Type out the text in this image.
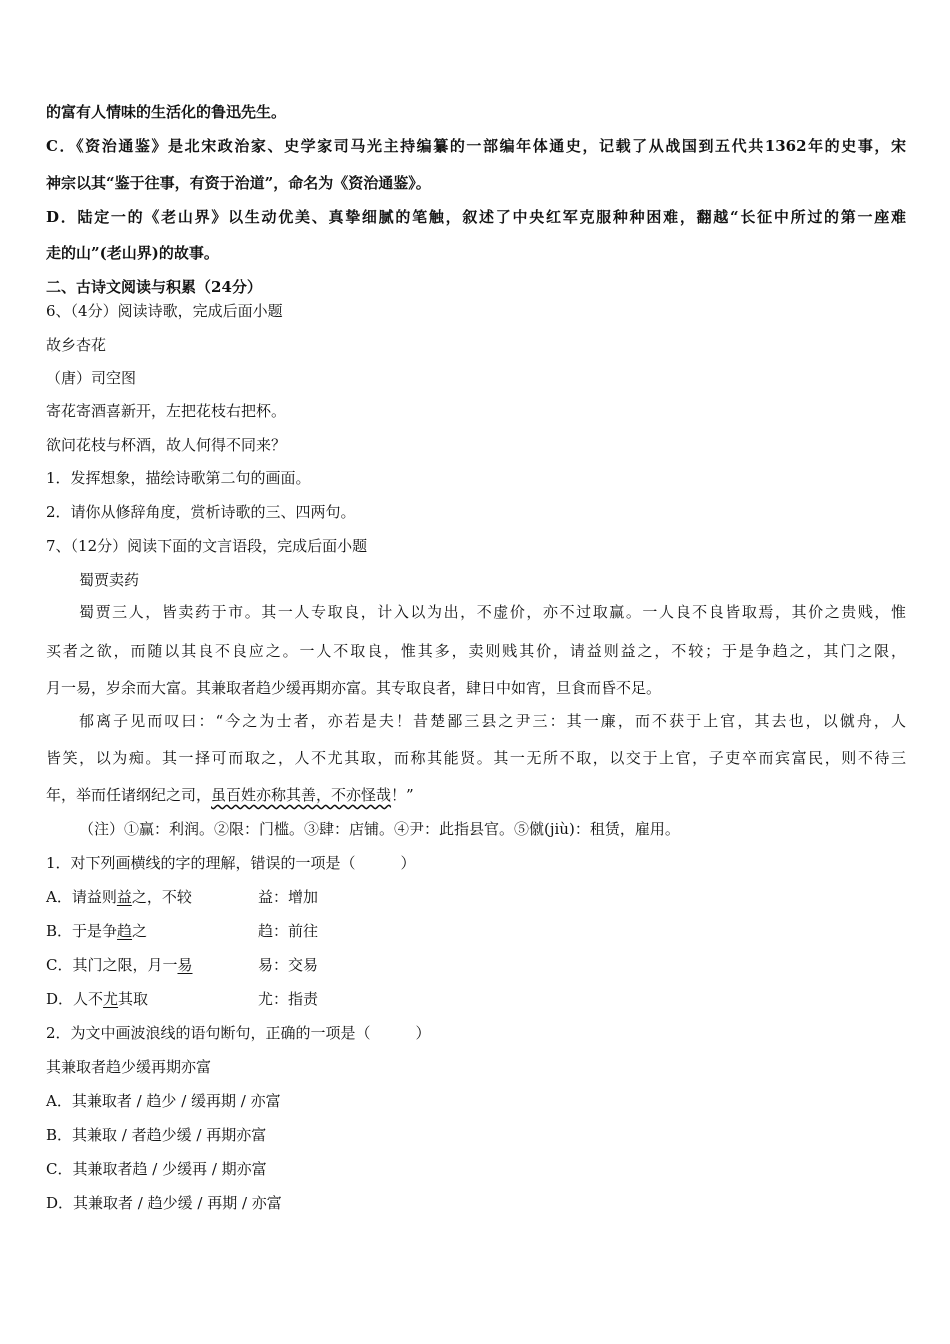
的富有人情味的生活化的鲁迅先生。
C．《资治通鉴》是北宋政治家、史学家司马光主持编纂的一部编年体通史，记载了从战国到五代共1362年的史事，宋
神宗以其“鉴于往事，有资于治道”，命名为《资治通鉴》。
D．陆定一的《老山界》以生动优美、真挚细腻的笔触，叙述了中央红军克服种种困难，翻越“长征中所过的第一座难
走的山”(老山界)的故事。
二、古诗文阅读与积累（24分）
6、（4分）阅读诗歌，完成后面小题
故乡杏花
（唐）司空图
寄花寄酒喜新开，左把花枝右把杯。
欲问花枝与杯酒，故人何得不同来？
1．发挥想象，描绘诗歌第二句的画面。
2．请你从修辞角度，赏析诗歌的三、四两句。
7、（12分）阅读下面的文言语段，完成后面小题
蜀贾卖药
蜀贾三人，皆卖药于市。其一人专取良，计入以为出，不虚价，亦不过取赢。一人良不良皆取焉，其价之贵贱，惟
买者之欲，而随以其良不良应之。一人不取良，惟其多，卖则贱其价，请益则益之，不较；于是争趋之，其门之限，
月一易，岁余而大富。其兼取者趋少缓再期亦富。其专取良者，肆日中如宵，旦食而昏不足。
郁离子见而叹曰：“今之为士者，亦若是夫！昔楚鄙三县之尹三：其一廉，而不获于上官，其去也，以僦舟，人
皆笑，以为痴。其一择可而取之，人不尤其取，而称其能贤。其一无所不取，以交于上官，子吏卒而宾富民，则不待三
年，举而任诸纲纪之司，虽百姓亦称其善，不亦怪哉！”
（注）①赢：利润。②限：门槛。③肆：店铺。④尹：此指县官。⑤僦(jiù)：租赁，雇用。
1．对下列画横线的字的理解，错误的一项是（　　　）
A．请益则益之，不较	益：增加
B．于是争趋之	趋：前往
C．其门之限，月一易	易：交易
D．人不尤其取	尤：指责
2．为文中画波浪线的语句断句，正确的一项是（　　　）
其兼取者趋少缓再期亦富
A．其兼取者 / 趋少 / 缓再期 / 亦富
B．其兼取 / 者趋少缓 / 再期亦富
C．其兼取者趋 / 少缓再 / 期亦富
D．其兼取者 / 趋少缓 / 再期 / 亦富
